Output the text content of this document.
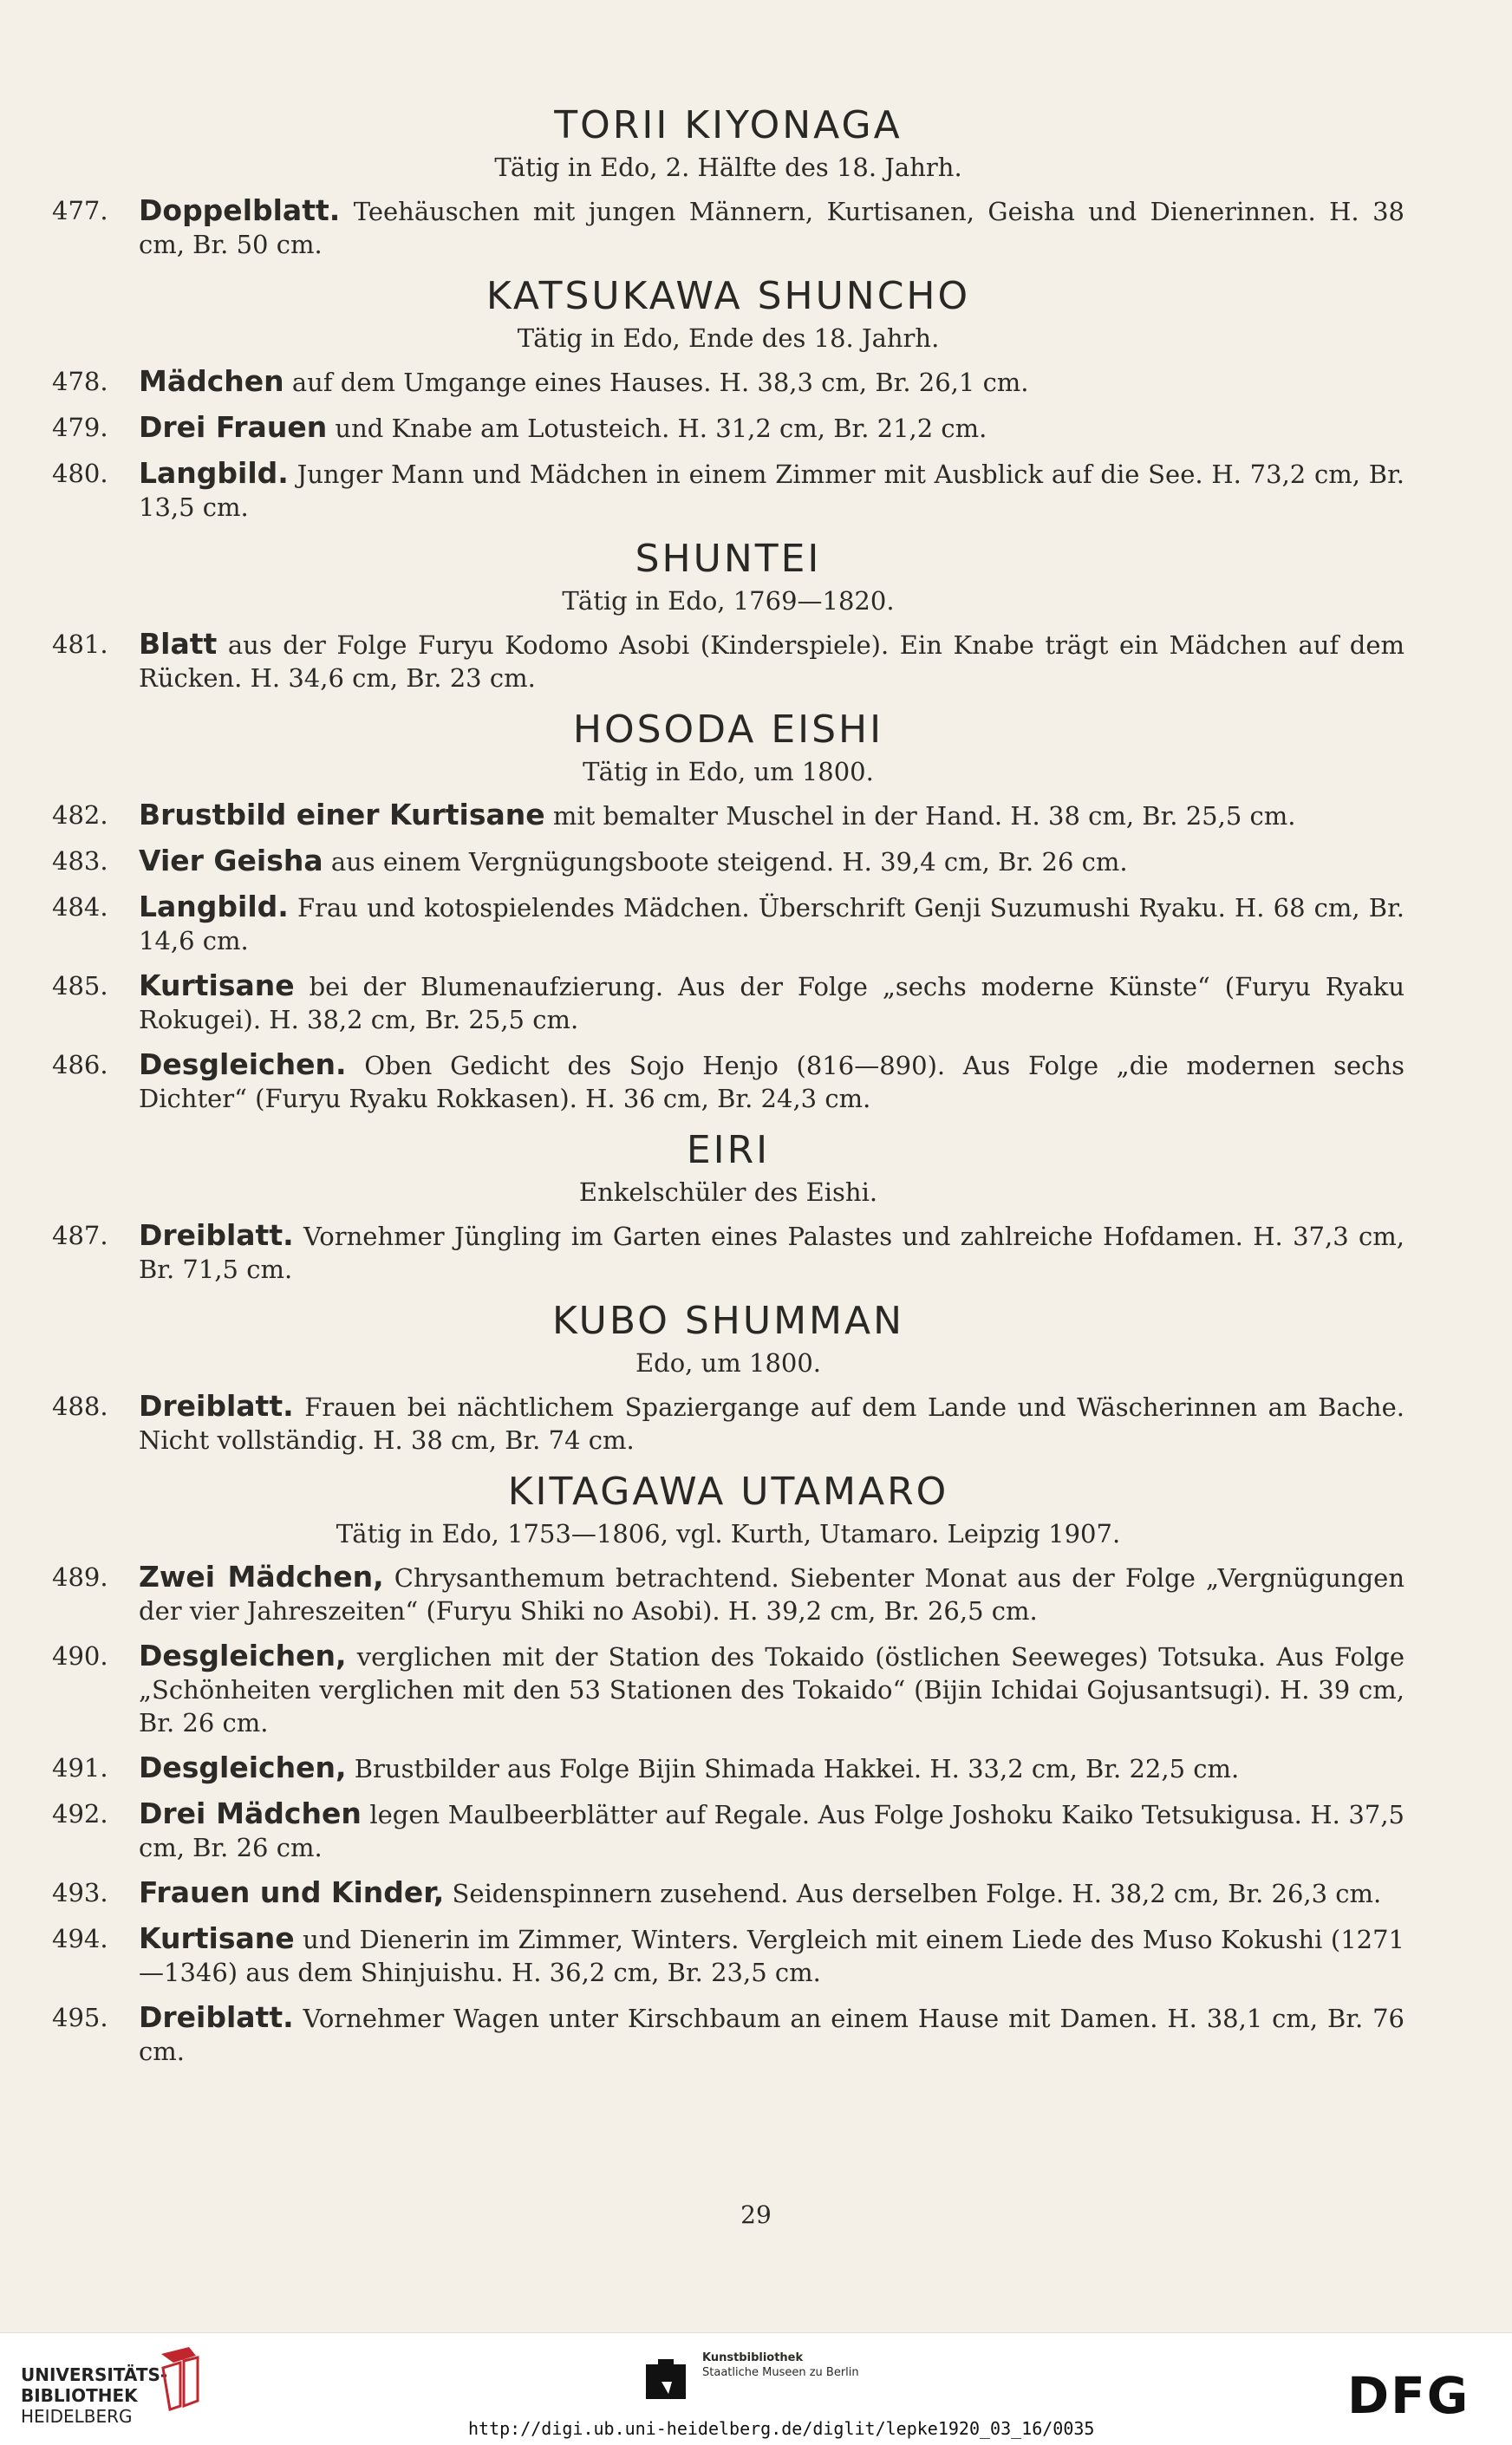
TORII KIYONAGA
Tätig in Edo, 2. Hälfte des 18. Jahrh.
477.	Doppelblatt. Teehäuschen mit jungen Männern, Kurtisanen, Geisha und Dienerinnen. H. 38 cm, Br. 50 cm.
KATSUKAWA SHUNCHO
Tätig in Edo, Ende des 18. Jahrh.
478.	Mädchen auf dem Umgange eines Hauses. H. 38,3 cm, Br. 26,1 cm.
479.	Drei Frauen und Knabe am Lotusteich. H. 31,2 cm, Br. 21,2 cm.
480.	Langbild. Junger Mann und Mädchen in einem Zimmer mit Ausblick auf die See. H. 73,2 cm, Br. 13,5 cm.
SHUNTEI
Tätig in Edo, 1769—1820.
481.	Blatt aus der Folge Furyu Kodomo Asobi (Kinderspiele). Ein Knabe trägt ein Mädchen auf dem Rücken. H. 34,6 cm, Br. 23 cm.
HOSODA EISHI
Tätig in Edo, um 1800.
482.	Brustbild einer Kurtisane mit bemalter Muschel in der Hand. H. 38 cm, Br. 25,5 cm.
483.	Vier Geisha aus einem Vergnügungsboote steigend. H. 39,4 cm, Br. 26 cm.
484.	Langbild. Frau und kotospielendes Mädchen. Überschrift Genji Suzumushi Ryaku. H. 68 cm, Br. 14,6 cm.
485.	Kurtisane bei der Blumenaufzierung. Aus der Folge „sechs moderne Künste“ (Furyu Ryaku Rokugei). H. 38,2 cm, Br. 25,5 cm.
486.	Desgleichen. Oben Gedicht des Sojo Henjo (816—890). Aus Folge „die modernen sechs Dichter“ (Furyu Ryaku Rokkasen). H. 36 cm, Br. 24,3 cm.
EIRI
Enkelschüler des Eishi.
487.	Dreiblatt. Vornehmer Jüngling im Garten eines Palastes und zahlreiche Hofdamen. H. 37,3 cm, Br. 71,5 cm.
KUBO SHUMMAN
Edo, um 1800.
488.	Dreiblatt. Frauen bei nächtlichem Spaziergange auf dem Lande und Wäscherinnen am Bache. Nicht vollständig. H. 38 cm, Br. 74 cm.
KITAGAWA UTAMARO
Tätig in Edo, 1753—1806, vgl. Kurth, Utamaro. Leipzig 1907.
489.	Zwei Mädchen, Chrysanthemum betrachtend. Siebenter Monat aus der Folge „Vergnügungen der vier Jahreszeiten“ (Furyu Shiki no Asobi). H. 39,2 cm, Br. 26,5 cm.
490.	Desgleichen, verglichen mit der Station des Tokaido (östlichen Seeweges) Totsuka. Aus Folge „Schönheiten verglichen mit den 53 Stationen des Tokaido“ (Bijin Ichidai Gojusantsugi). H. 39 cm, Br. 26 cm.
491.	Desgleichen, Brustbilder aus Folge Bijin Shimada Hakkei. H. 33,2 cm, Br. 22,5 cm.
492.	Drei Mädchen legen Maulbeerblätter auf Regale. Aus Folge Joshoku Kaiko Tetsukigusa. H. 37,5 cm, Br. 26 cm.
493.	Frauen und Kinder, Seidenspinnern zusehend. Aus derselben Folge. H. 38,2 cm, Br. 26,3 cm.
494.	Kurtisane und Dienerin im Zimmer, Winters. Vergleich mit einem Liede des Muso Kokushi (1271—1346) aus dem Shinjuishu. H. 36,2 cm, Br. 23,5 cm.
495.	Dreiblatt. Vornehmer Wagen unter Kirschbaum an einem Hause mit Damen. H. 38,1 cm, Br. 76 cm.
29
UNIVERSITÄTS-
BIBLIOTHEK
HEIDELBERG
Kunstbibliothek
Staatliche Museen zu Berlin	DFG
http://digi.ub.uni-heidelberg.de/diglit/lepke1920_03_16/0035
